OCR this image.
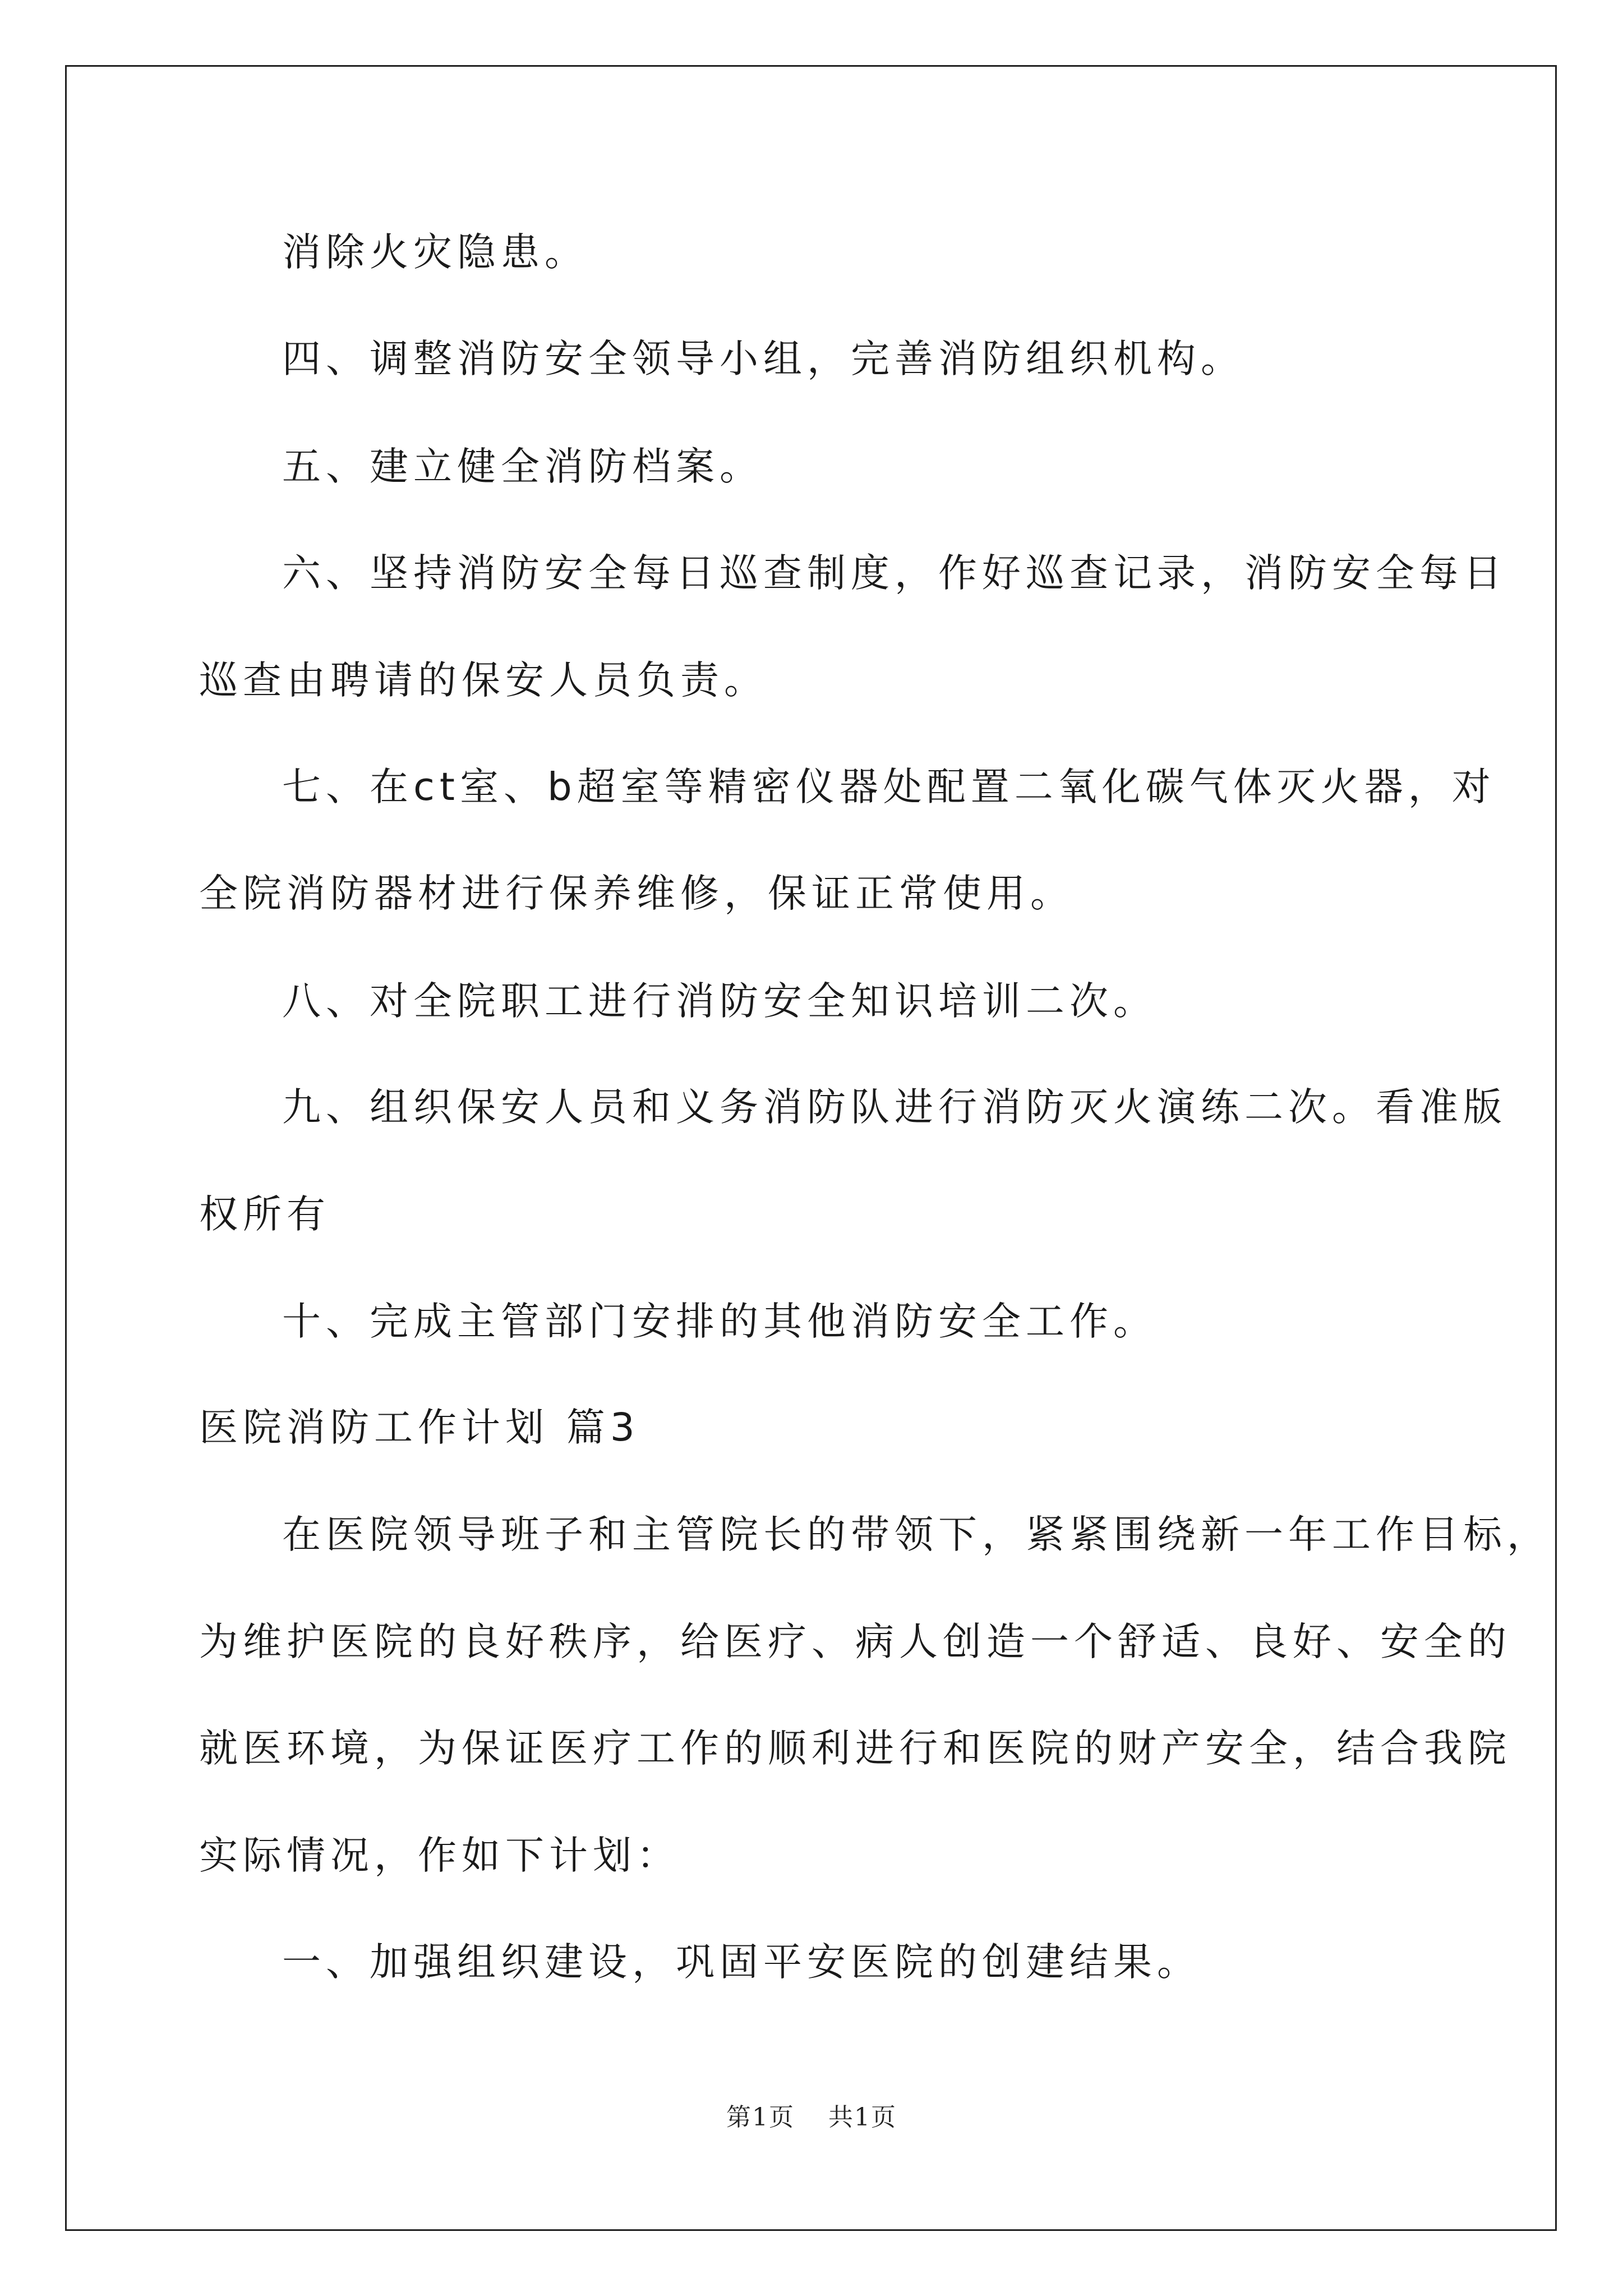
消除火灾隐患。
四、调整消防安全领导小组，完善消防组织机构。
五、建立健全消防档案。
六、坚持消防安全每日巡查制度，作好巡查记录，消防安全每日
巡查由聘请的保安人员负责。
七、在ct室、b超室等精密仪器处配置二氧化碳气体灭火器，对
全院消防器材进行保养维修，保证正常使用。
八、对全院职工进行消防安全知识培训二次。
九、组织保安人员和义务消防队进行消防灭火演练二次。看准版
权所有
十、完成主管部门安排的其他消防安全工作。
医院消防工作计划 篇3
在医院领导班子和主管院长的带领下，紧紧围绕新一年工作目标，
为维护医院的良好秩序，给医疗、病人创造一个舒适、良好、安全的
就医环境，为保证医疗工作的顺利进行和医院的财产安全，结合我院
实际情况，作如下计划：
一、加强组织建设，巩固平安医院的创建结果。
第1页 共1页
